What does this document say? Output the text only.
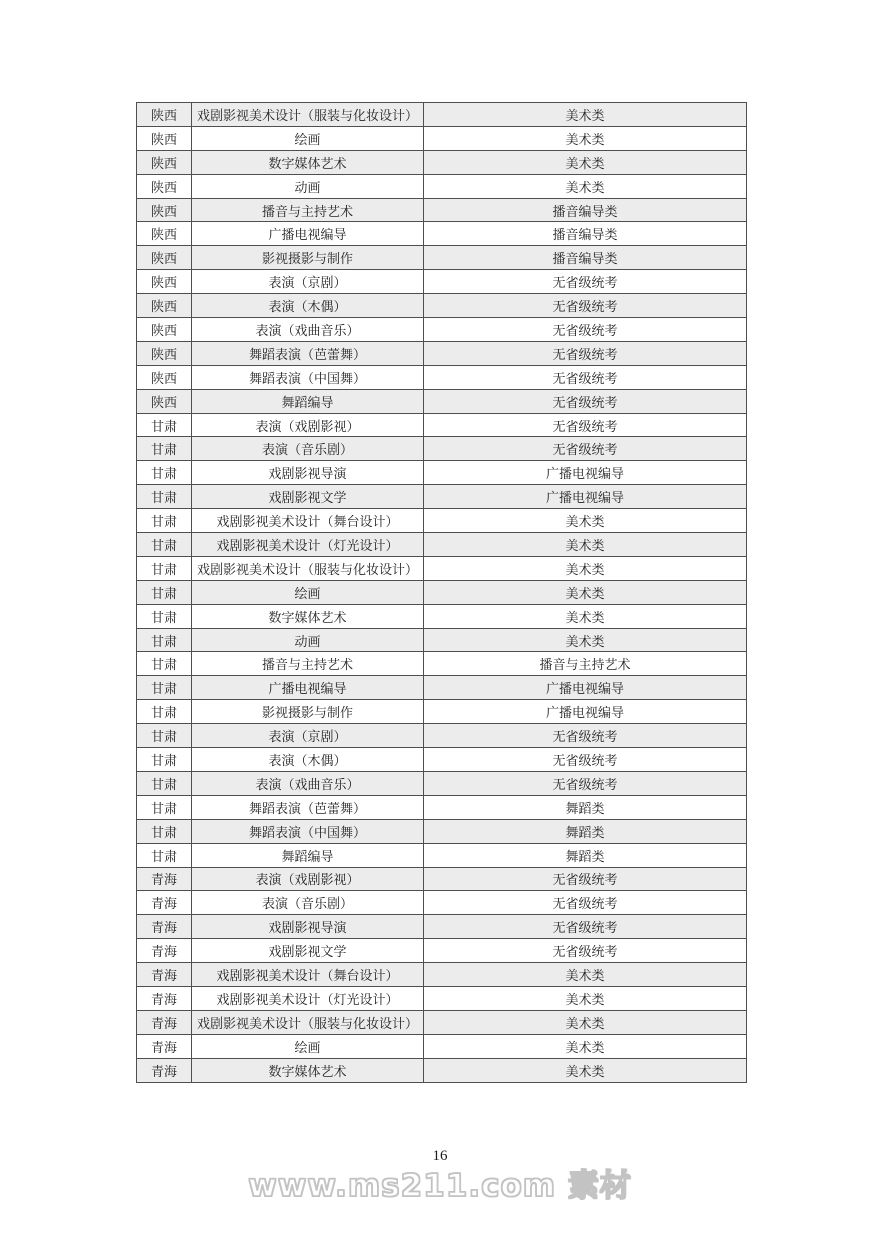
陕西	戏剧影视美术设计（服装与化妆设计）	美术类
陕西	绘画	美术类
陕西	数字媒体艺术	美术类
陕西	动画	美术类
陕西	播音与主持艺术	播音编导类
陕西	广播电视编导	播音编导类
陕西	影视摄影与制作	播音编导类
陕西	表演（京剧）	无省级统考
陕西	表演（木偶）	无省级统考
陕西	表演（戏曲音乐）	无省级统考
陕西	舞蹈表演（芭蕾舞）	无省级统考
陕西	舞蹈表演（中国舞）	无省级统考
陕西	舞蹈编导	无省级统考
甘肃	表演（戏剧影视）	无省级统考
甘肃	表演（音乐剧）	无省级统考
甘肃	戏剧影视导演	广播电视编导
甘肃	戏剧影视文学	广播电视编导
甘肃	戏剧影视美术设计（舞台设计）	美术类
甘肃	戏剧影视美术设计（灯光设计）	美术类
甘肃	戏剧影视美术设计（服装与化妆设计）	美术类
甘肃	绘画	美术类
甘肃	数字媒体艺术	美术类
甘肃	动画	美术类
甘肃	播音与主持艺术	播音与主持艺术
甘肃	广播电视编导	广播电视编导
甘肃	影视摄影与制作	广播电视编导
甘肃	表演（京剧）	无省级统考
甘肃	表演（木偶）	无省级统考
甘肃	表演（戏曲音乐）	无省级统考
甘肃	舞蹈表演（芭蕾舞）	舞蹈类
甘肃	舞蹈表演（中国舞）	舞蹈类
甘肃	舞蹈编导	舞蹈类
青海	表演（戏剧影视）	无省级统考
青海	表演（音乐剧）	无省级统考
青海	戏剧影视导演	无省级统考
青海	戏剧影视文学	无省级统考
青海	戏剧影视美术设计（舞台设计）	美术类
青海	戏剧影视美术设计（灯光设计）	美术类
青海	戏剧影视美术设计（服装与化妆设计）	美术类
青海	绘画	美术类
青海	数字媒体艺术	美术类
16
www.ms211.com 素材
